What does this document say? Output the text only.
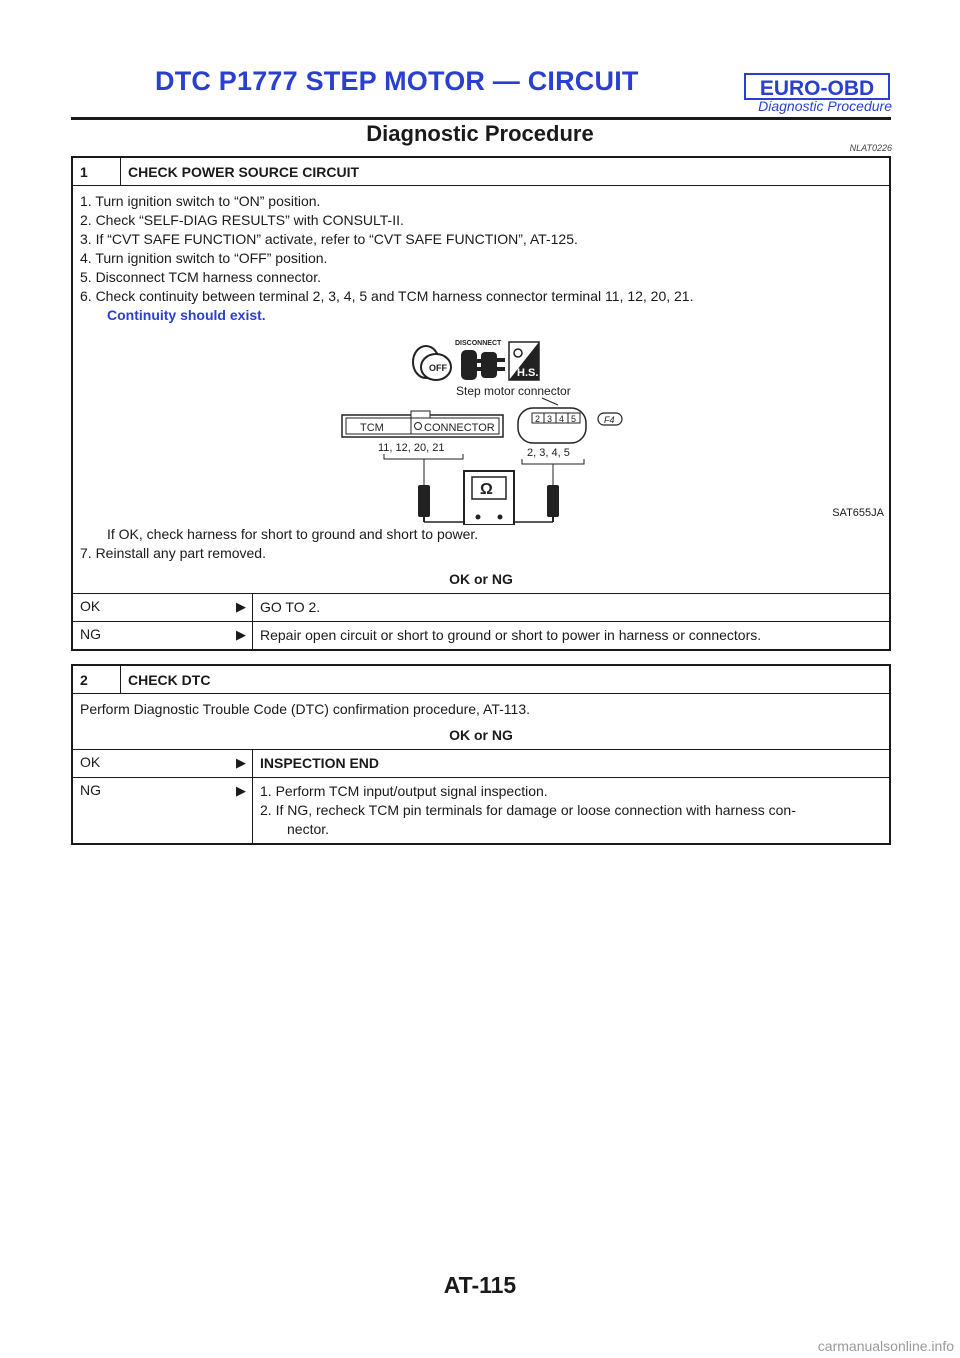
DTC P1777 STEP MOTOR — CIRCUIT	EURO-OBD
Diagnostic Procedure
Diagnostic Procedure
NLAT0226
1	CHECK POWER SOURCE CIRCUIT
1. Turn ignition switch to “ON” position.
2. Check “SELF-DIAG RESULTS” with CONSULT-II.
3. If “CVT SAFE FUNCTION” activate, refer to “CVT SAFE FUNCTION”, AT-125.
4. Turn ignition switch to “OFF” position.
5. Disconnect TCM harness connector.
6. Check continuity between terminal 2, 3, 4, 5 and TCM harness connector terminal 11, 12, 20, 21.
Continuity should exist.
OFF
DISCONNECT
H.S.
Step motor connector
TCM	CONNECTOR
11, 12, 20, 21
2 3 4 5	F4
2, 3, 4, 5
Ω
SAT655JA
If OK, check harness for short to ground and short to power.
7. Reinstall any part removed.
OK or NG
OK	▶	GO TO 2.
NG	▶	Repair open circuit or short to ground or short to power in harness or connectors.
2	CHECK DTC
Perform Diagnostic Trouble Code (DTC) confirmation procedure, AT-113.
OK or NG
OK	▶	INSPECTION END
NG	▶ 1. Perform TCM input/output signal inspection.
2. If NG, recheck TCM pin terminals for damage or loose connection with harness con-
nector.
AT-115
carmanualsonline.info
